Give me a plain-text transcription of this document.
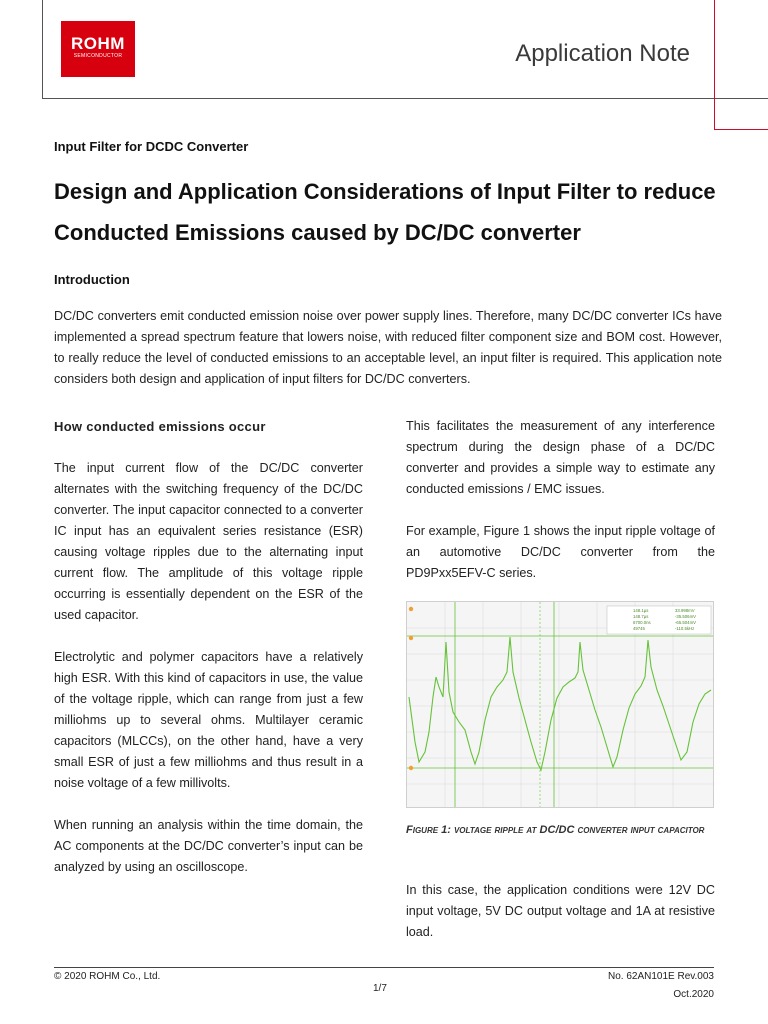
ROHM
SEMICONDUCTOR	Application Note
Input Filter for DCDC Converter
Design and Application Considerations of Input Filter to reduce Conducted Emissions caused by DC/DC converter
Introduction
DC/DC converters emit conducted emission noise over power supply lines. Therefore, many DC/DC converter ICs have implemented a spread spectrum feature that lowers noise, with reduced filter component size and BOM cost. However, to really reduce the level of conducted emissions to an acceptable level, an input filter is required. This application note considers both design and application of input filters for DC/DC converters.
How conducted emissions occur

The input current flow of the DC/DC converter alternates with the switching frequency of the DC/DC converter. The input capacitor connected to a converter IC input has an equivalent series resistance (ESR) causing voltage ripples due to the alternating input current flow. The amplitude of this voltage ripple occurring is essentially dependent on the ESR of the used capacitor.

Electrolytic and polymer capacitors have a relatively high ESR. With this kind of capacitors in use, the value of the voltage ripple, which can range from just a few milliohms up to several ohms. Multilayer ceramic capacitors (MLCCs), on the other hand, have a very small ESR of just a few milliohms and thus result in a noise voltage of a few millivolts.

When running an analysis within the time domain, the AC components at the DC/DC converter’s input can be analyzed by using an oscilloscope.

This facilitates the measurement of any interference spectrum during the design phase of a DC/DC converter and provides a simple way to estimate any conducted emissions / EMC issues.

For example, Figure 1 shows the input ripple voltage of an automotive DC/DC converter from the PD9Pxx5EFV-C series.

148.1µs
148.7µs
6700.0ns
49745
33.998mV
-35.506mV
-65.504mV
-110.5kHz
Figure 1: voltage ripple at DC/DC converter input capacitor
In this case, the application conditions were 12V DC input voltage, 5V DC output voltage and 1A at resistive load.
© 2020 ROHM Co., Ltd.
1/7
No. 62AN101E Rev.003
Oct.2020
